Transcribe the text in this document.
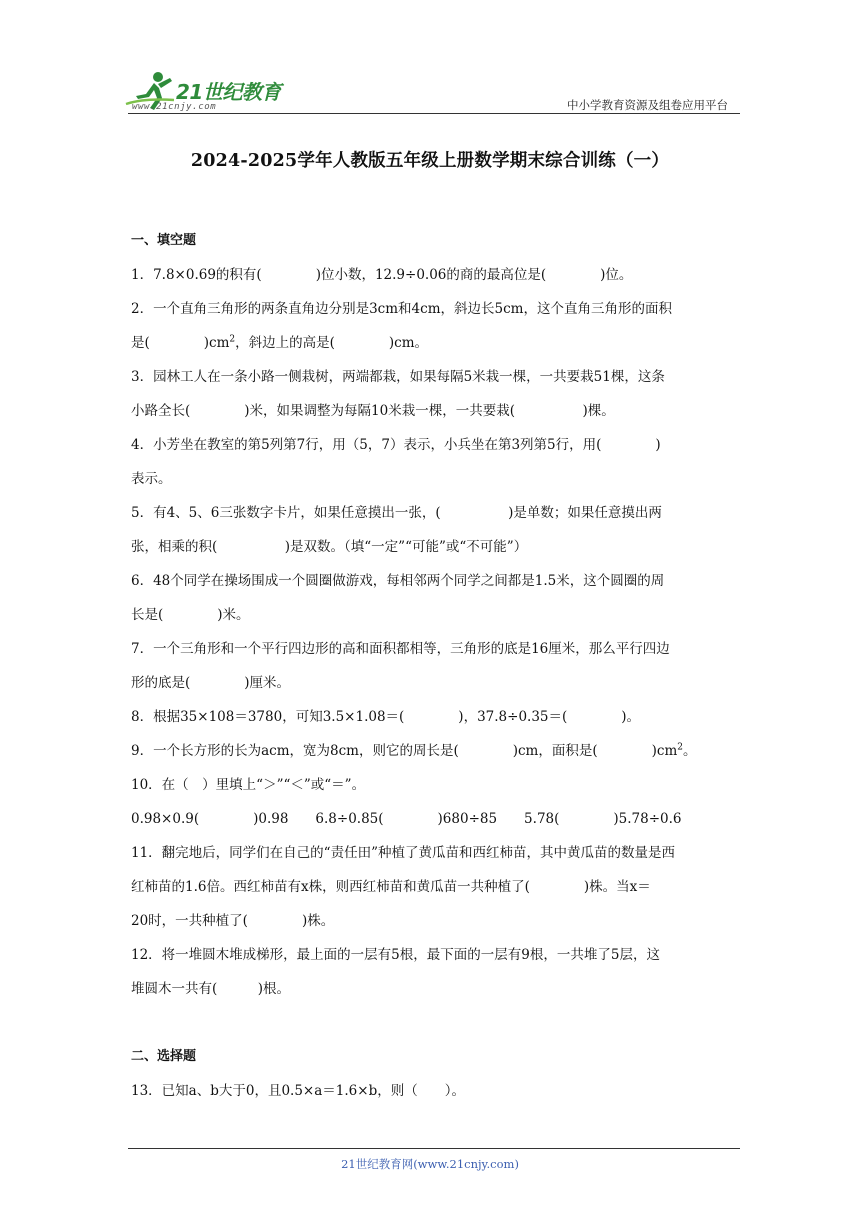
21世纪教育
www.21cnjy.com	中小学教育资源及组卷应用平台
2024-2025学年人教版五年级上册数学期末综合训练（一）
一、填空题

1．7.8×0.69的积有(　　　　)位小数，12.9÷0.06的商的最高位是(　　　　)位。

2．一个直角三角形的两条直角边分别是3cm和4cm，斜边长5cm，这个直角三角形的面积

是(　　　　)$cm^2$，斜边上的高是(　　　　)cm。

3．园林工人在一条小路一侧栽树，两端都栽，如果每隔5米栽一棵，一共要栽51棵，这条

小路全长(　　　　)米，如果调整为每隔10米栽一棵，一共要栽(　　　　　)棵。

4．小芳坐在教室的第5列第7行，用（5，7）表示，小兵坐在第3列第5行，用(　　　　)

表示。

5．有4、5、6三张数字卡片，如果任意摸出一张，(　　　　　)是单数；如果任意摸出两

张，相乘的积(　　　　　)是双数。（填“一定”“可能”或“不可能”）

6．48个同学在操场围成一个圆圈做游戏，每相邻两个同学之间都是1.5米，这个圆圈的周

长是(　　　　)米。

7．一个三角形和一个平行四边形的高和面积都相等，三角形的底是16厘米，那么平行四边

形的底是(　　　　)厘米。

8．根据35×108＝3780，可知3.5×1.08＝(　　　　)，37.8÷0.35＝(　　　　)。

9．一个长方形的长为acm，宽为8cm，则它的周长是(　　　　)cm，面积是(　　　　)$cm^2$。

10．在（　）里填上“＞”“＜”或“＝”。

0.98×0.9(　　　　)0.98　　6.8÷0.85(　　　　)680÷85　　5.78(　　　　)5.78÷0.6

11．翻完地后，同学们在自己的“责任田”种植了黄瓜苗和西红柿苗，其中黄瓜苗的数量是西

红柿苗的1.6倍。西红柿苗有x株，则西红柿苗和黄瓜苗一共种植了(　　　　)株。当x＝

20时，一共种植了(　　　　)株。

12．将一堆圆木堆成梯形，最上面的一层有5根，最下面的一层有9根，一共堆了5层，这

堆圆木一共有(　　　)根。

二、选择题

13．已知a、b大于0，且0.5×a＝1.6×b，则（　　）。

21世纪教育网(www.21cnjy.com)
